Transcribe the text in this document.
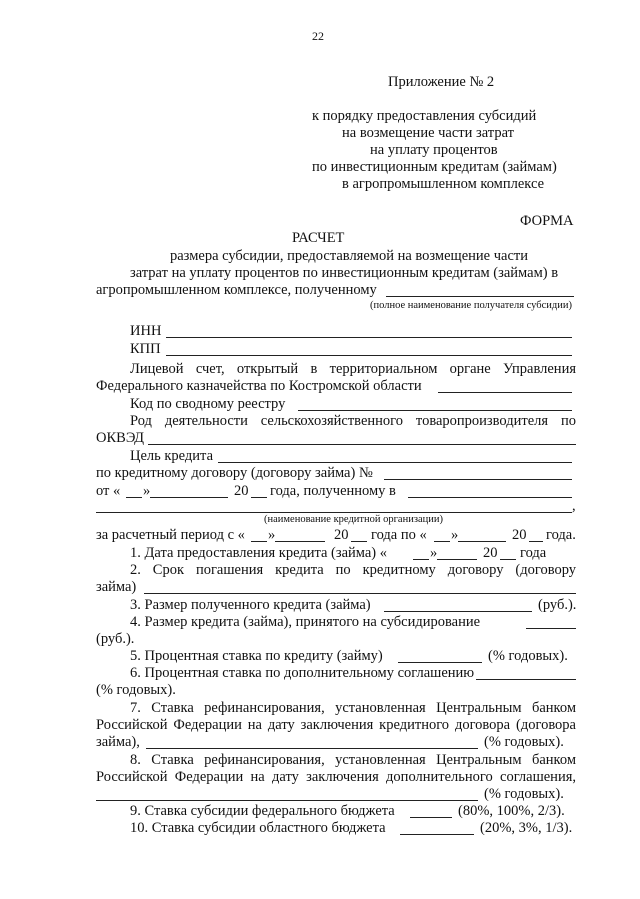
22
Приложение № 2
к порядку предоставления субсидий
на возмещение части затрат
на уплату процентов
по инвестиционным кредитам (займам)
в агропромышленном комплексе
ФОРМА
РАСЧЕТ
размера субсидии, предоставляемой на возмещение части
затрат на уплату процентов по инвестиционным кредитам (займам) в
агропромышленном комплексе, полученному
(полное наименование получателя субсидии)
ИНН
КПП
Лицевой счет, открытый в территориальном органе Управления
Федерального казначейства по Костромской области
Код по сводному реестру
Род деятельности сельскохозяйственного товаропроизводителя по
ОКВЭД
Цель кредита
по кредитному договору (договору займа) №
от « »	20 года, полученному в
,
(наименование кредитной организации)
за расчетный период с « »	20 года по « »	20 года.
1. Дата предоставления кредита (займа) «	»	20 года
2. Срок погашения кредита по кредитному договору (договору
займа)
3. Размер полученного кредита (займа)	(руб.).
4. Размер кредита (займа), принятого на субсидирование
(руб.).
5. Процентная ставка по кредиту (займу)	(% годовых).
6. Процентная ставка по дополнительному соглашению
(% годовых).
7. Ставка рефинансирования, установленная Центральным банком
Российской Федерации на дату заключения кредитного договора (договора
займа),	(% годовых).
8. Ставка рефинансирования, установленная Центральным банком
Российской Федерации на дату заключения дополнительного соглашения,
(% годовых).
9. Ставка субсидии федерального бюджета	(80%, 100%, 2/3).
10. Ставка субсидии областного бюджета	(20%, 3%, 1/3).
